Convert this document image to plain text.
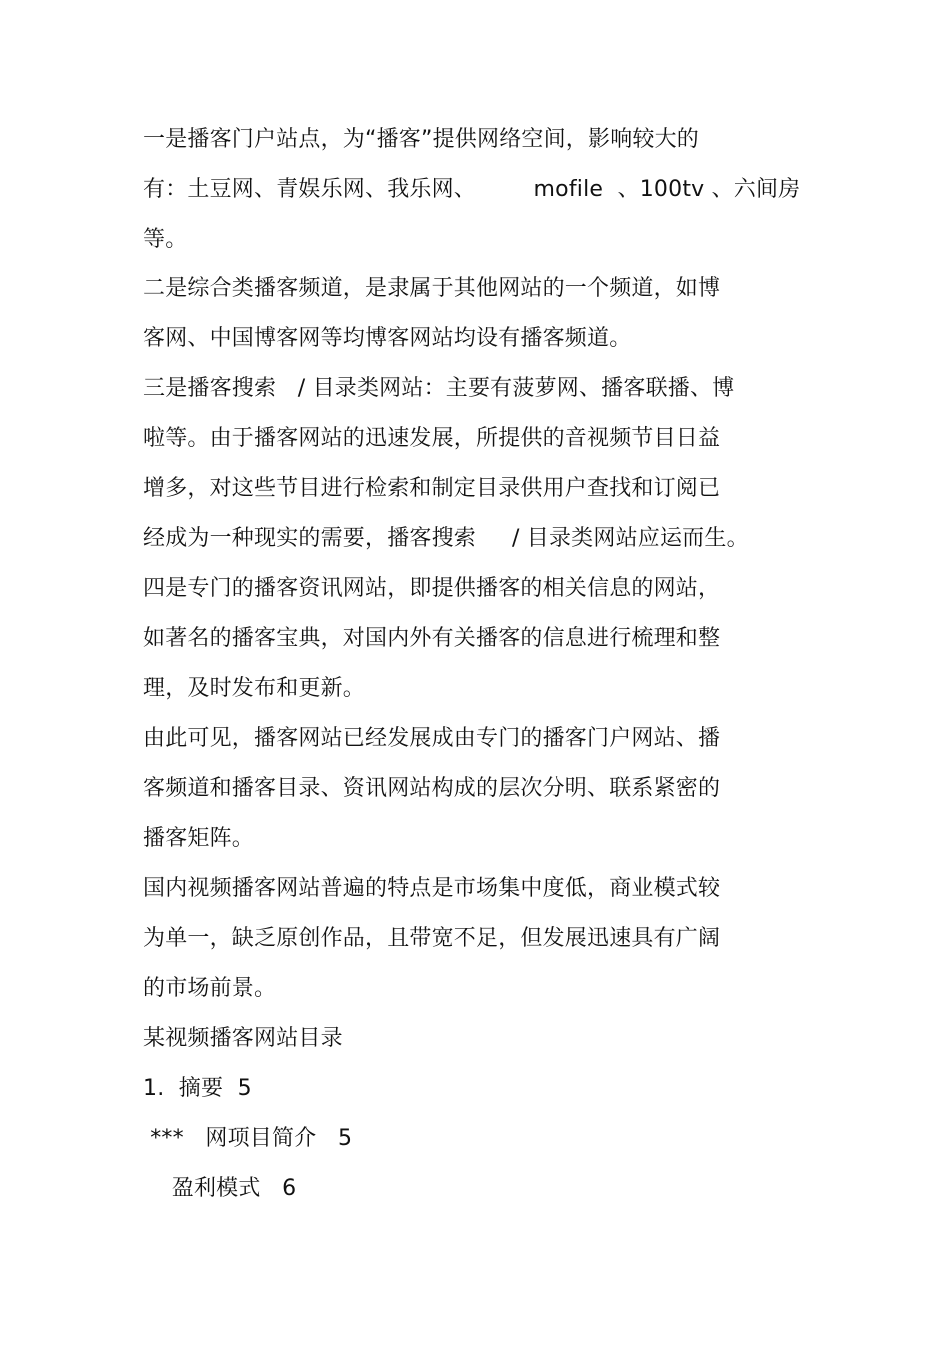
一是播客门户站点，为“播客”提供网络空间，影响较大的
有：土豆网、青娱乐网、我乐网、        mofile  、100tv 、六间房
等。
二是综合类播客频道，是隶属于其他网站的一个频道，如博
客网、中国博客网等均博客网站均设有播客频道。
三是播客搜索   / 目录类网站：主要有菠萝网、播客联播、博
啦等。由于播客网站的迅速发展，所提供的音视频节目日益
增多，对这些节目进行检索和制定目录供用户查找和订阅已
经成为一种现实的需要，播客搜索     / 目录类网站应运而生。
四是专门的播客资讯网站，即提供播客的相关信息的网站，
如著名的播客宝典，对国内外有关播客的信息进行梳理和整
理，及时发布和更新。
由此可见，播客网站已经发展成由专门的播客门户网站、播
客频道和播客目录、资讯网站构成的层次分明、联系紧密的
播客矩阵。
国内视频播客网站普遍的特点是市场集中度低，商业模式较
为单一，缺乏原创作品，且带宽不足，但发展迅速具有广阔
的市场前景。
某视频播客网站目录
1.  摘要  5
***   网项目简介   5
盈利模式   6
